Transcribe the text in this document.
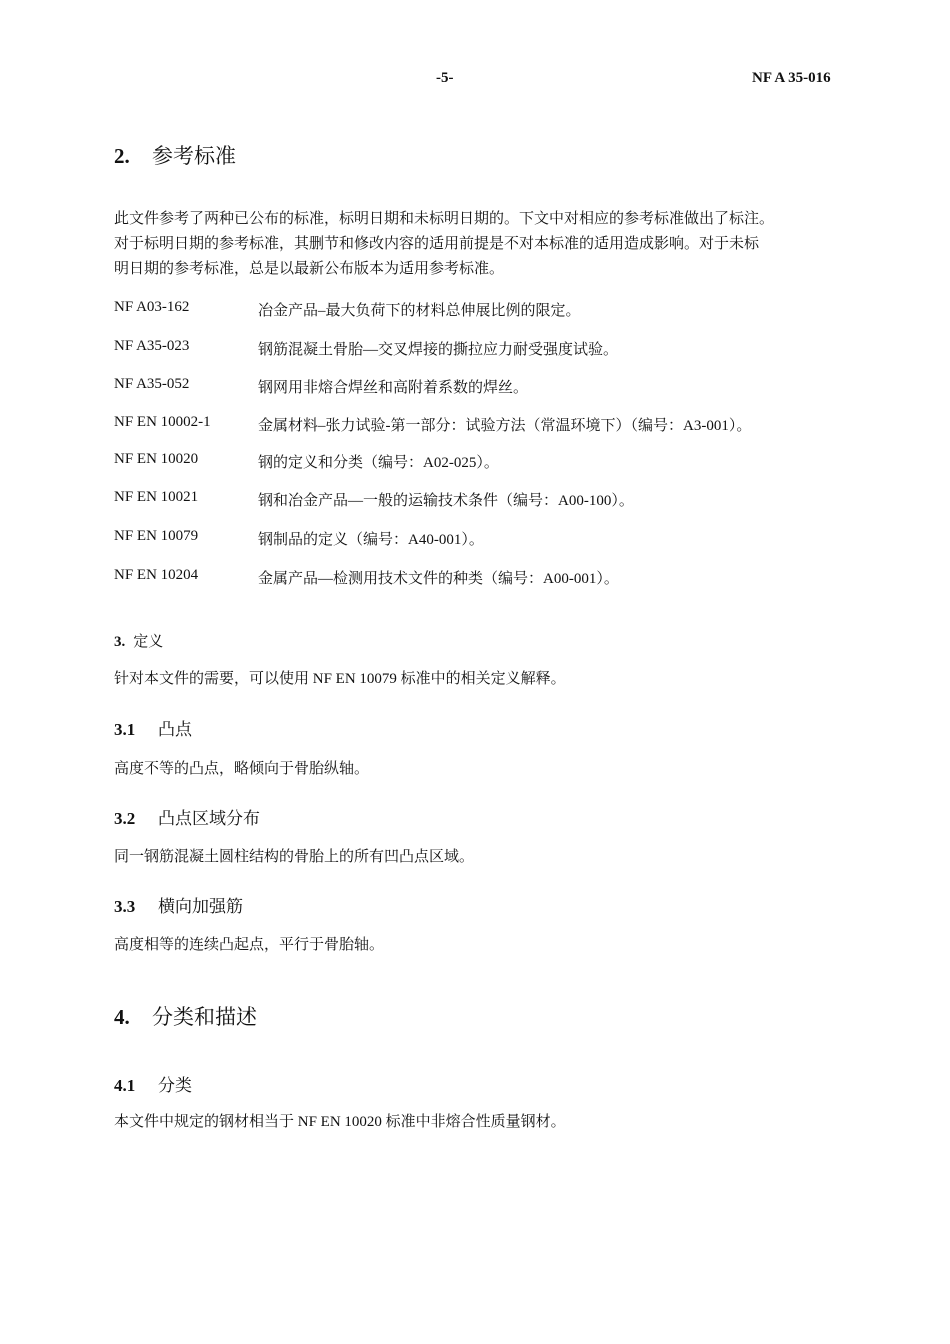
-5-	NF A 35-016
2. 参考标准
此文件参考了两种已公布的标准，标明日期和未标明日期的。下文中对相应的参考标准做出了标注。
对于标明日期的参考标准，其删节和修改内容的适用前提是不对本标准的适用造成影响。对于未标
明日期的参考标准，总是以最新公布版本为适用参考标准。
NF A03-162	冶金产品–最大负荷下的材料总伸展比例的限定。
NF A35-023	钢筋混凝土骨胎—交叉焊接的撕拉应力耐受强度试验。
NF A35-052	钢网用非熔合焊丝和高附着系数的焊丝。
NF EN 10002-1	金属材料–张力试验-第一部分：试验方法（常温环境下）（编号：A3-001）。
NF EN 10020	钢的定义和分类（编号：A02-025）。
NF EN 10021	钢和冶金产品—一般的运输技术条件（编号：A00-100）。
NF EN 10079	钢制品的定义（编号：A40-001）。
NF EN 10204	金属产品—检测用技术文件的种类（编号：A00-001）。
3. 定义
针对本文件的需要，可以使用 NF EN 10079 标准中的相关定义解释。
3.1 凸点
高度不等的凸点，略倾向于骨胎纵轴。
3.2 凸点区域分布
同一钢筋混凝土圆柱结构的骨胎上的所有凹凸点区域。
3.3 横向加强筋
高度相等的连续凸起点，平行于骨胎轴。
4. 分类和描述
4.1 分类
本文件中规定的钢材相当于 NF EN 10020 标准中非熔合性质量钢材。
